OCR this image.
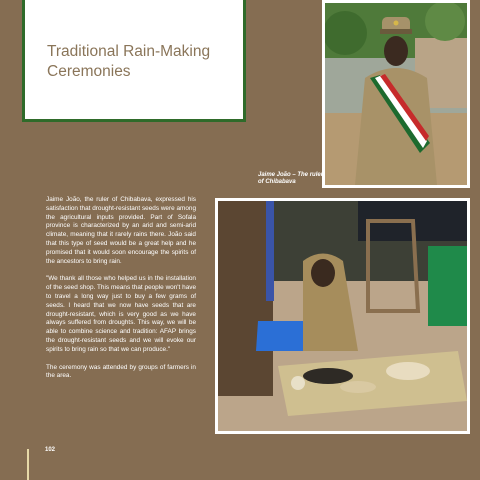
Traditional Rain-Making Ceremonies
Jaime João – The ruler of Chibabava

Jaime João, the ruler of Chibabava, expressed his satisfaction that drought-resistant seeds were among the agricultural inputs provided. Part of Sofala province is characterized by an arid and semi-arid climate, meaning that it rarely rains there. João said that this type of seed would be a great help and he promised that it would soon encourage the spirits of the ancestors to bring rain.

"We thank all those who helped us in the installation of the seed shop. This means that people won't have to travel a long way just to buy a few grams of seeds. I heard that we now have seeds that are drought-resistant, which is very good as we have always suffered from droughts. This way, we will be able to combine science and tradition: AFAP brings the drought-resistant seeds and we will evoke our spirits to bring rain so that we can produce."

The ceremony was attended by groups of farmers in the area.

102
